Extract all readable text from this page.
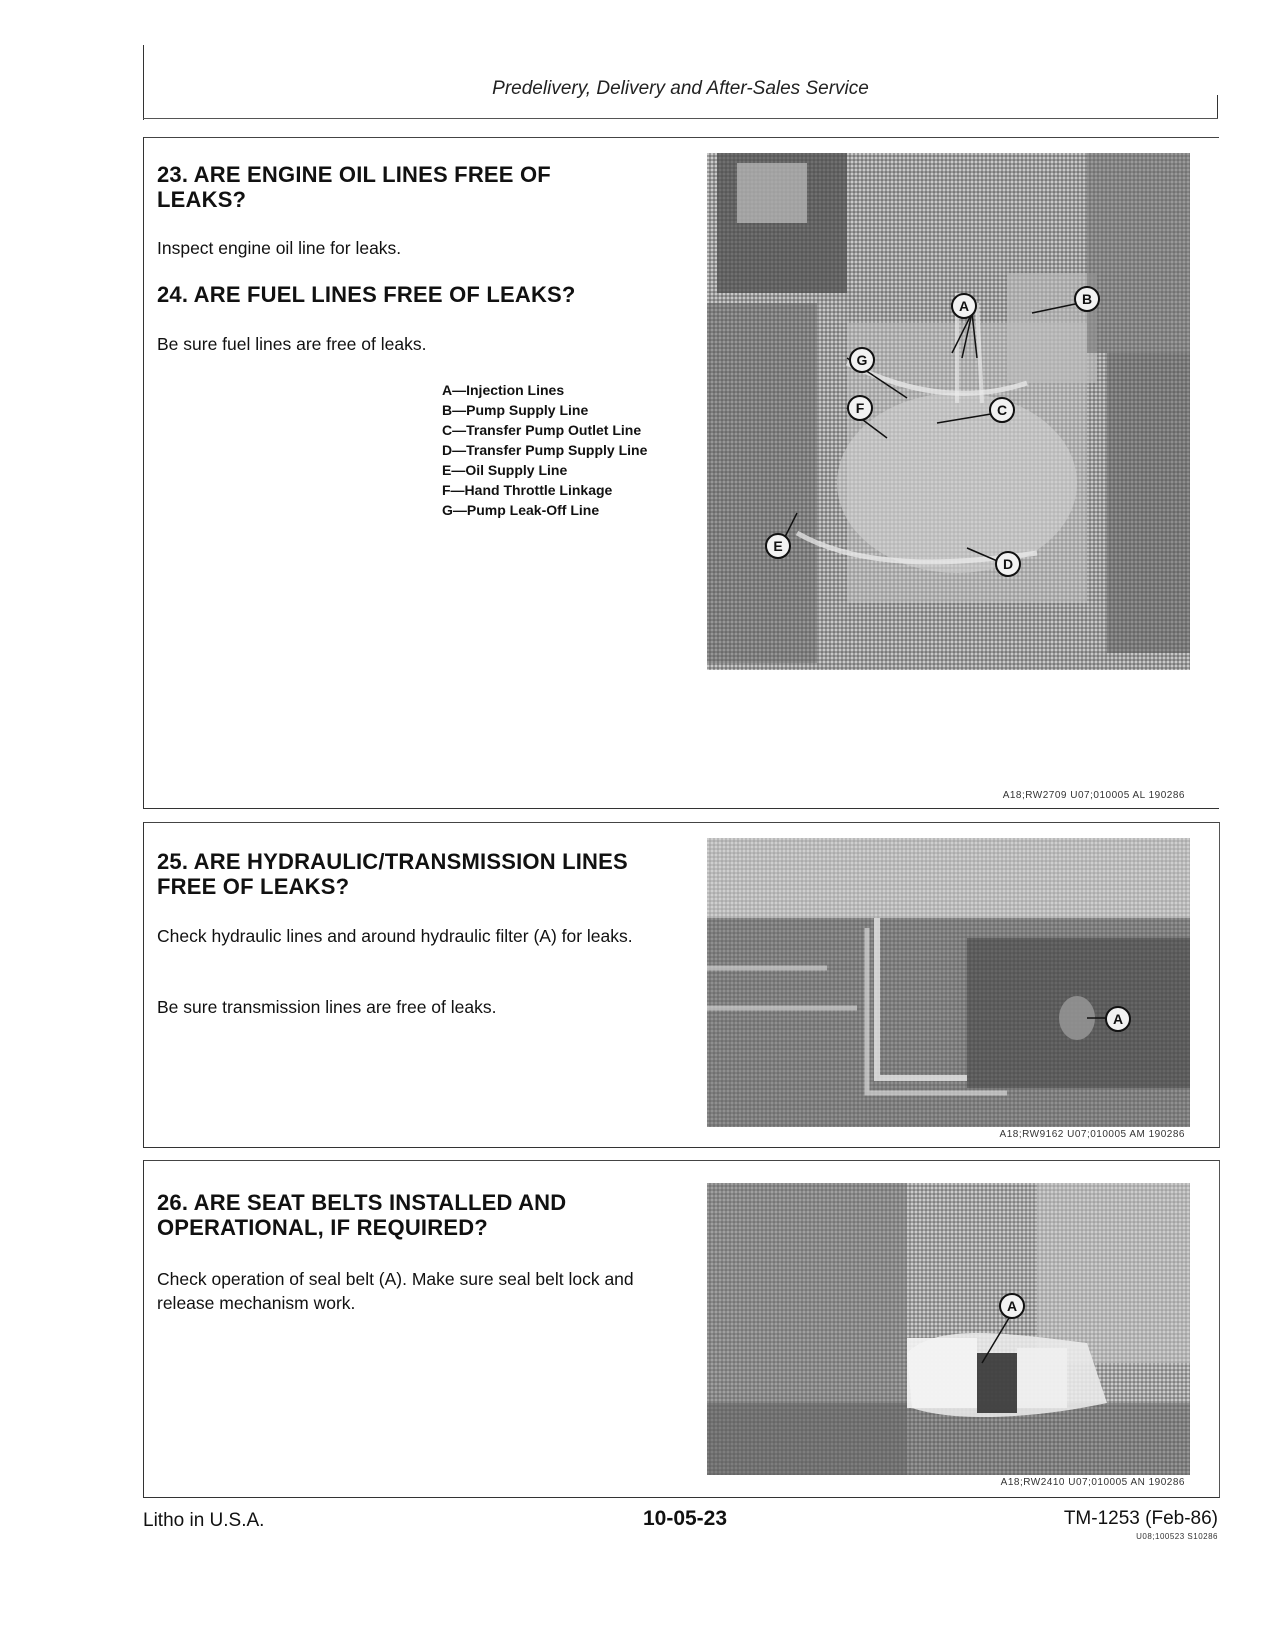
Predelivery, Delivery and After-Sales Service
23. ARE ENGINE OIL LINES FREE OF LEAKS?

Inspect engine oil line for leaks.

24. ARE FUEL LINES FREE OF LEAKS?

Be sure fuel lines are free of leaks.

A—Injection Lines
B—Pump Supply Line
C—Transfer Pump Outlet Line
D—Transfer Pump Supply Line
E—Oil Supply Line
F—Hand Throttle Linkage
G—Pump Leak-Off Line
A	B
C
D
E
F
G
A18;RW2709 U07;010005 AL 190286
25. ARE HYDRAULIC/TRANSMISSION LINES FREE OF LEAKS?

Check hydraulic lines and around hydraulic filter (A) for leaks.

Be sure transmission lines are free of leaks.

A
A18;RW9162 U07;010005 AM 190286
26. ARE SEAT BELTS INSTALLED AND OPERATIONAL, IF REQUIRED?

Check operation of seal belt (A). Make sure seal belt lock and release mechanism work.	A
A18;RW2410 U07;010005 AN 190286
Litho in U.S.A.	10-05-23	TM-1253 (Feb-86)
U08;100523 S10286
